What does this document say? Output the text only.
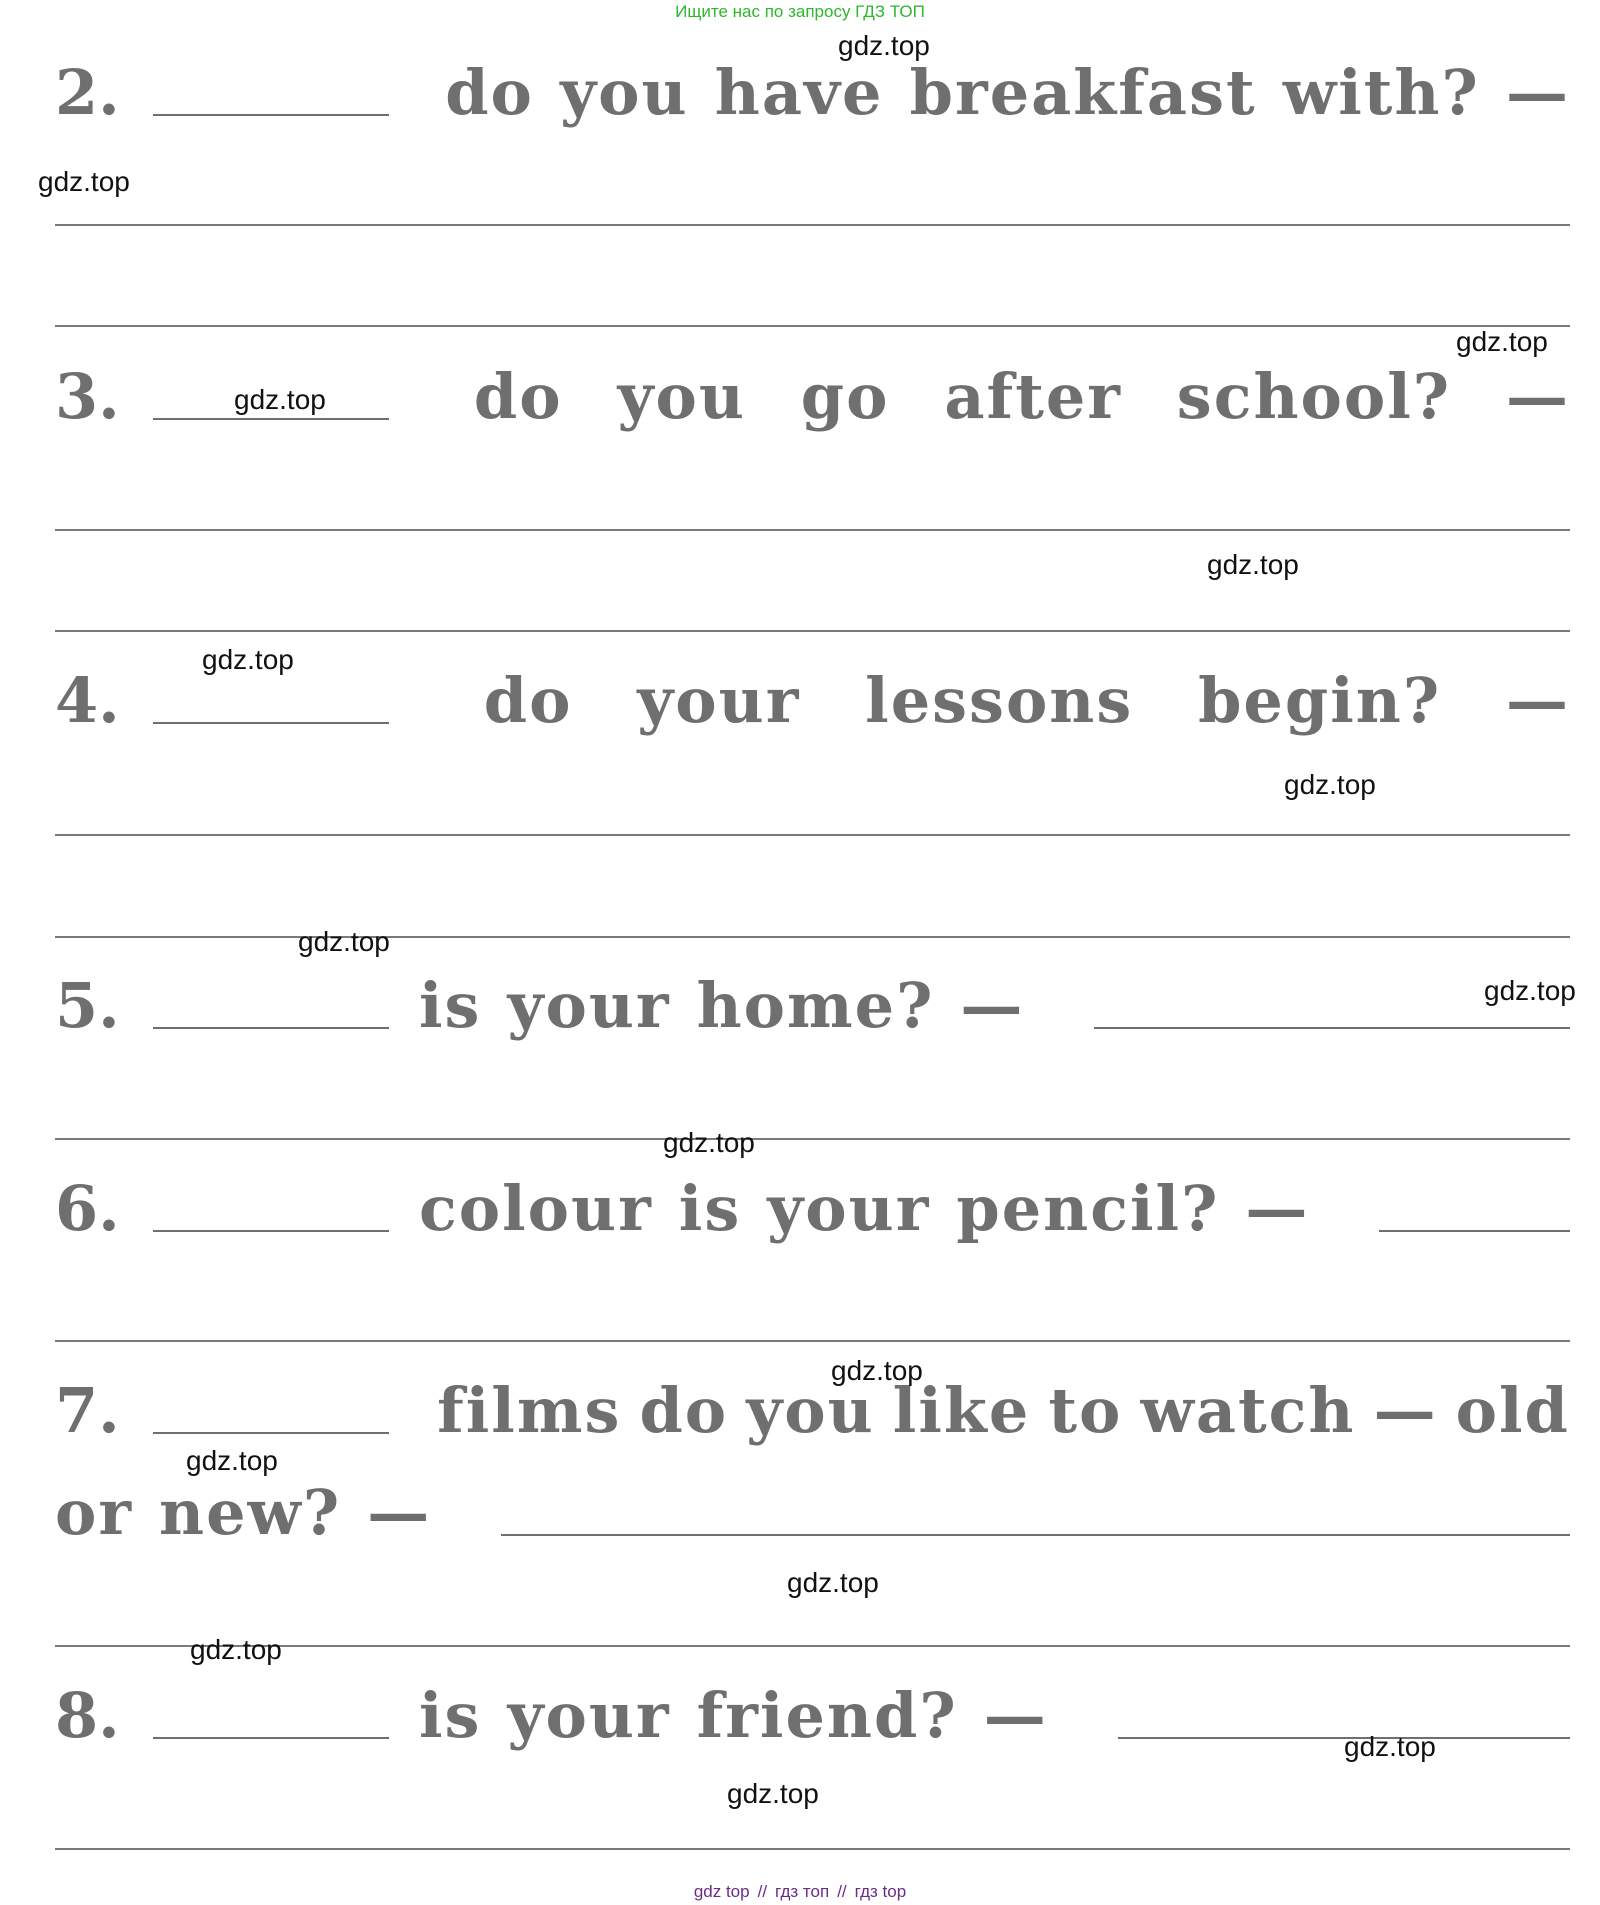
Ищите нас по запросу ГДЗ ТОП
2.	do you have breakfast with? —
3.	do you go after school? —
4.	do your lessons begin? —
5.	is your home? —
6.	colour is your pencil? —
7.	films do you like to watch — old
or new? —
8.	is your friend? —
gdz.top
gdz.top
gdz.top
gdz.top
gdz.top
gdz.top
gdz.top
gdz.top
gdz.top
gdz.top
gdz.top
gdz.top
gdz.top
gdz.top
gdz.top
gdz.top
gdz top // гдз топ // гдз top
